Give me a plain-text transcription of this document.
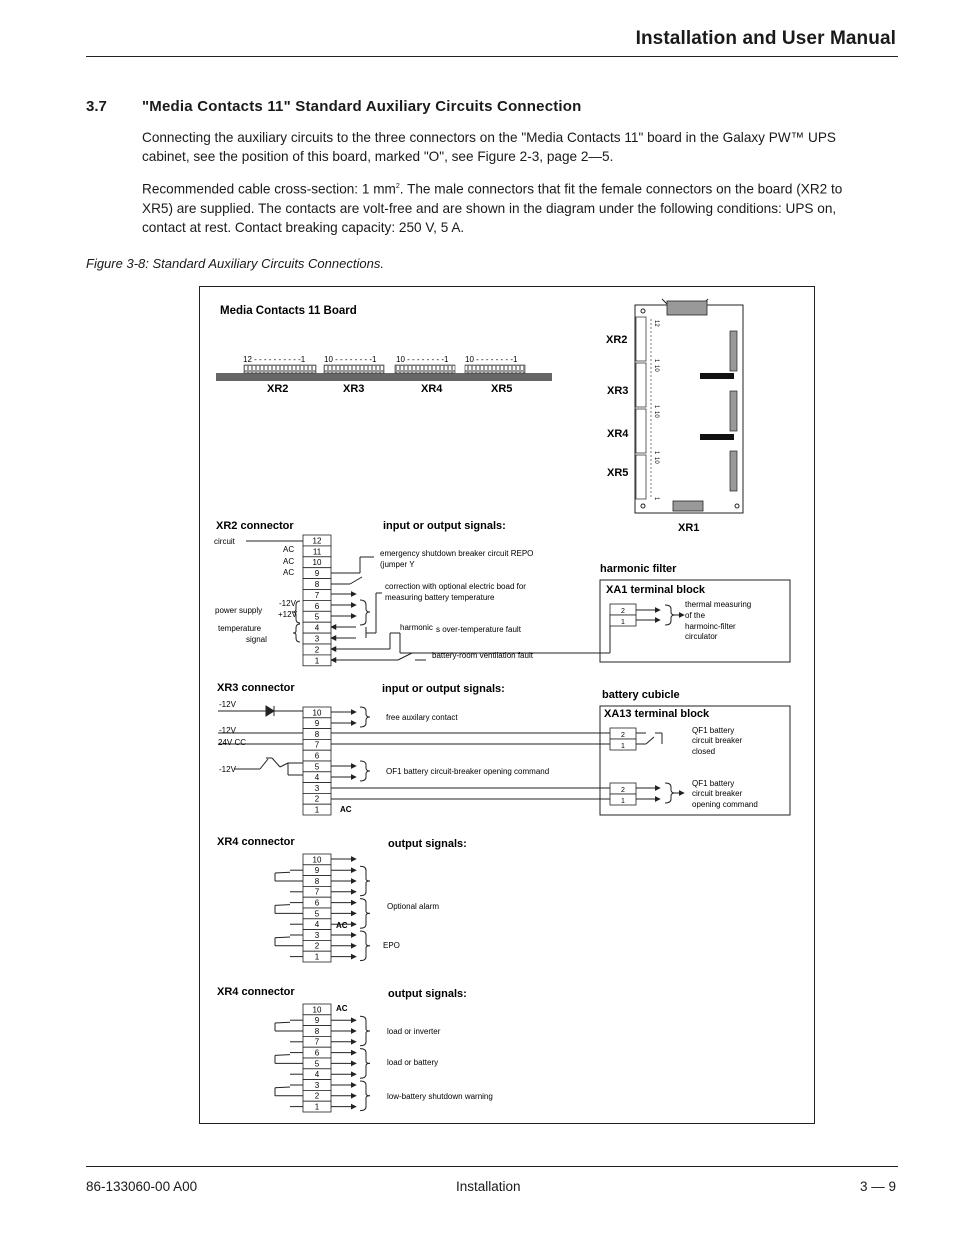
Installation and User Manual
3.7 "Media Contacts 11" Standard Auxiliary Circuits Connection
Connecting the auxiliary circuits to the three connectors on the "Media Contacts 11" board in the Galaxy PW™ UPS cabinet, see the position of this board, marked "O", see Figure 2-3, page 2—5.
Recommended cable cross-section: 1 $mm^2$. The male connectors that fit the female connectors on the board (XR2 to XR5) are supplied. The contacts are volt-free and are shown in the diagram under the following conditions: UPS on, contact at rest. Contact breaking capacity: 250 V, 5 A.
Figure 3-8: Standard Auxiliary Circuits Connections.
Media Contacts 11 Board
12 - - - - - - - - - -1 10 - - - - - - - -1 10 - - - - - - - -1 10 - - - - - - - -1
XR2	XR3	XR4	XR5
12
1
10
1
10
1
10
1
XR2
XR3
XR4
XR5
XR1
XR2 connector	input or output signals:
12
11
10
9
8
7
6
5
4
3
2
1
circuit
AC
AC
AC
-12V
+12V
power supply
temperature
signal
emergency shutdown breaker circuit REPO
(jumper Y
correction with optional electric boad for
measuring battery temperature
harmonic s over-temperature fault
battery-room ventilation fault
harmonic filter
XA1 terminal block
2
1
thermal measuring
of the
harmoinc-filter
circulator
XR3 connector	input or output signals:
10
9
8
7
6
5
4
3
2
1
-12V
-12V
24V CC
-12V
AC
free auxilary contact
OF1 battery circuit-breaker opening command
battery cubicle
XA13 terminal block
2
1
2
1
QF1 battery
circuit breaker
closed
QF1 battery
circuit breaker
opening command
XR4 connector	output signals:
10
9
8
7
6
5
4
3
2
1
AC
Optional alarm
EPO
XR4 connector	output signals:
10
9
8
7
6
5
4
3
2
1
AC
load or inverter
load or battery
low-battery shutdown warning
86-133060-00 A00	Installation	3 — 9
